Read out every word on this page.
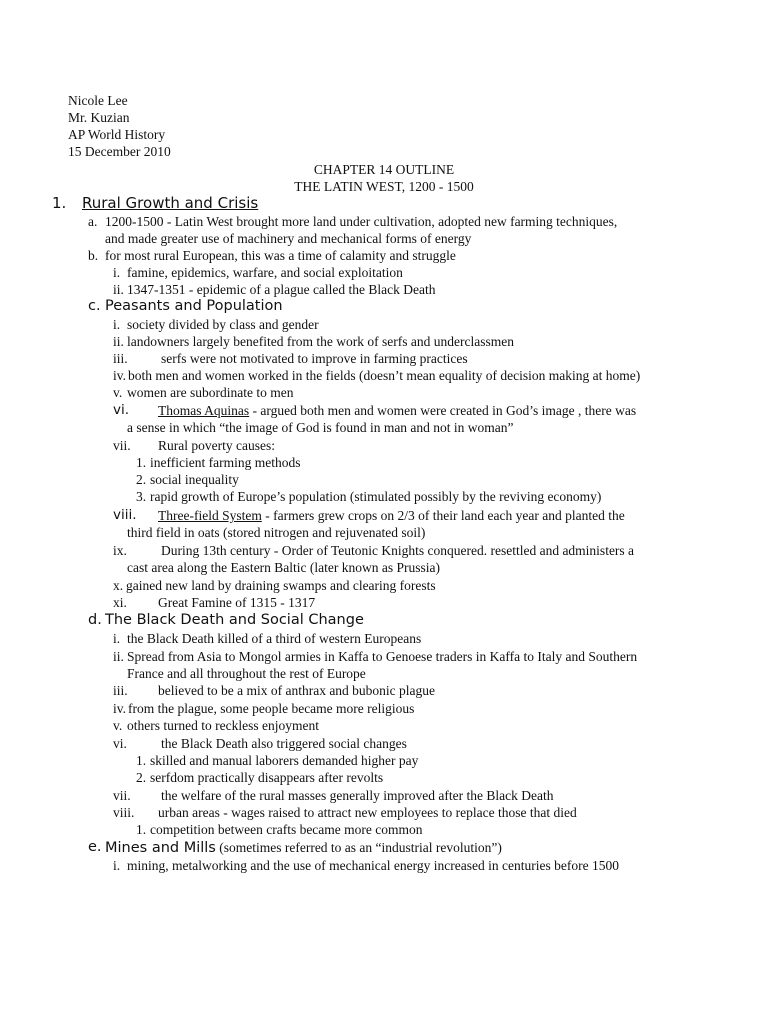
Nicole Lee
Mr. Kuzian
AP World History
15 December 2010
CHAPTER 14 OUTLINE
THE LATIN WEST, 1200 - 1500
1. Rural Growth and Crisis
a. 1200-1500 - Latin West brought more land under cultivation, adopted new farming techniques,
and made greater use of machinery and mechanical forms of energy
b. for most rural European, this was a time of calamity and struggle
i. famine, epidemics, warfare, and social exploitation
ii. 1347-1351 - epidemic of a plague called the Black Death
c. Peasants and Population
i. society divided by class and gender
ii. landowners largely benefited from the work of serfs and underclassmen
iii. serfs were not motivated to improve in farming practices
iv. both men and women worked in the fields (doesn’t mean equality of decision making at home)
v. women are subordinate to men
vi. Thomas Aquinas - argued both men and women were created in God’s image , there was
a sense in which “the image of God is found in man and not in woman”
vii. Rural poverty causes:
1. inefficient farming methods
2. social inequality
3. rapid growth of Europe’s population (stimulated possibly by the reviving economy)
viii. Three-field System - farmers grew crops on 2/3 of their land each year and planted the
third field in oats (stored nitrogen and rejuvenated soil)
ix.	During 13th century - Order of Teutonic Knights conquered. resettled and administers a
cast area along the Eastern Baltic (later known as Prussia)
x. gained new land by draining swamps and clearing forests
xi. Great Famine of 1315 - 1317
d. The Black Death and Social Change
i. the Black Death killed of a third of western Europeans
ii. Spread from Asia to Mongol armies in Kaffa to Genoese traders in Kaffa to Italy and Southern
France and all throughout the rest of Europe
iii. believed to be a mix of anthrax and bubonic plague
iv. from the plague, some people became more religious
v. others turned to reckless enjoyment
vi.	the Black Death also triggered social changes
1. skilled and manual laborers demanded higher pay
2. serfdom practically disappears after revolts
vii. the welfare of the rural masses generally improved after the Black Death
viii. urban areas - wages raised to attract new employees to replace those that died
1. competition between crafts became more common
e. Mines and Mills (sometimes referred to as an “industrial revolution”)
i. mining, metalworking and the use of mechanical energy increased in centuries before 1500
